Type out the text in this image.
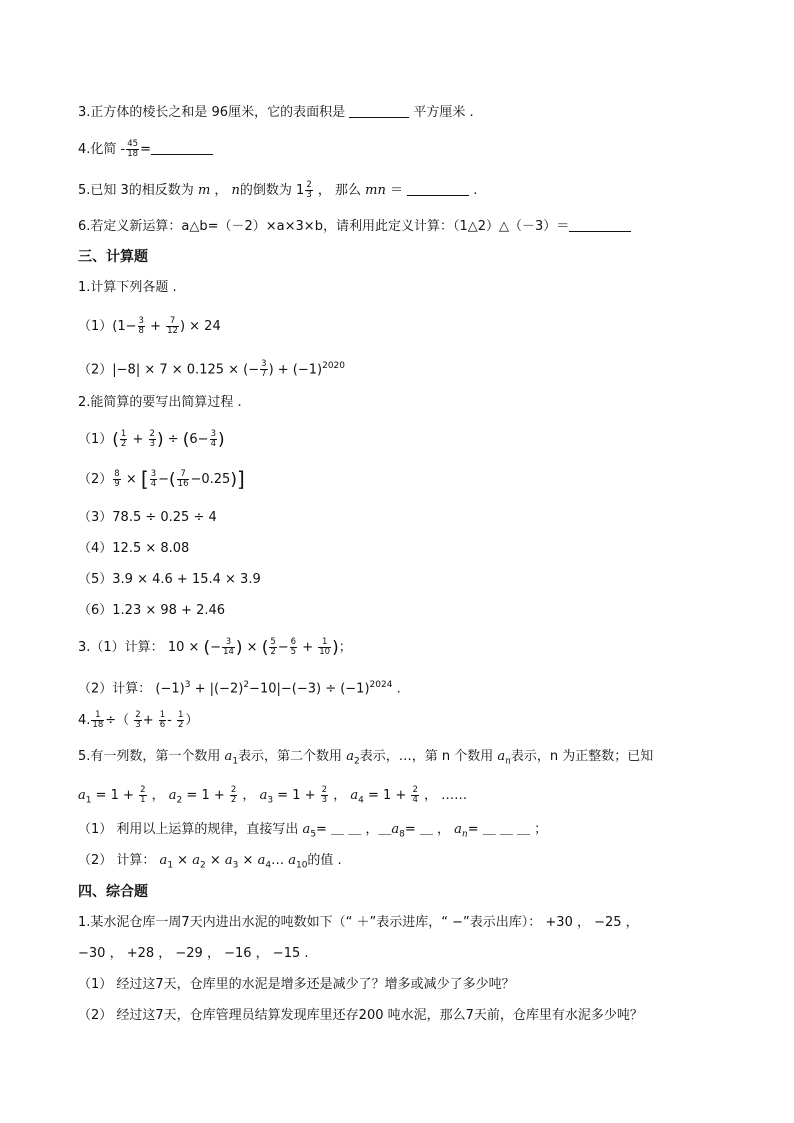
3.正方体的棱长之和是 96厘米，它的表面积是	平方厘米 .
4.化简 - $\frac{45}{18}$ =
5.已知 3的相反数为 m ， n的倒数为 $1 \frac{2}{3}$ ， 那么 mn ＝	.
6.若定义新运算：a△b=（－2）×a×3×b，请利用此定义计算：（1△2）△（－3）＝
三、计算题
1.计算下列各题 .
$(1)(1- \frac{3}{8} + \frac{7}{12}$ ) × 24
（2）|−8| × 7 × 0.125 × (− $\frac{3}{7}$ ) + $(-1)^{2020}$
2.能简算的要写出简算过程 .
$(1)( \frac{1}{2} + \frac{2}{3}$ ) ÷ ($6- \frac{3}{4}$ )
$(2) \frac{8}{9}$ × [ $\frac{3}{4}$ −( $\frac{7}{16} -0.25$)]
（3）78.5 ÷ 0.25 ÷ 4
（4）12.5 × 8.08
（5）3.9 × 4.6 + 15.4 × 3.9
（6）1.23 × 98 + 2.46
3.（1）计算： 10 × (− $\frac{3}{14}$ ) × ( $\frac{5}{2} - \frac{6}{5} + \frac{1}{10}$ )；
（2）计算： $(-1)^3 + |(-2)^2-10|-(-3) \div (-1)^{2024}$ .
4. $\frac{1}{18}$ ÷（ $\frac{2}{3} + \frac{1}{6} - \frac{1}{2}$ ）
5.有一列数，第一个数用 $a_1$表示，第二个数用 $a_2$表示，…，第 n 个数用 $a_n$表示，n 为正整数；已知
$a_1 = 1 + \frac{2}{1}$ ， $a_2 = 1 + \frac{2}{2}$ ， $a_3 = 1 + \frac{2}{3}$ ， $a_4 = 1 + \frac{2}{4}$ ， ……
（1） 利用以上运算的规律，直接写出 $a_5=$ ＿ ＿ ，$\_a_8=$ ＿ ， $a_n=$ ＿ ＿ ＿ ；
（2） 计算： $a_1 \times a_2 \times a_3$ × $a_4\dots$ $a_{10}$的值 .
四、综合题
1.某水泥仓库一周7天内进出水泥的吨数如下（“ ＋”表示进库，“ −”表示出库）： +30 ， −25 ，
−30 ， +28 ， −29 ， −16 ， −15 .
（1） 经过这7天，仓库里的水泥是增多还是减少了？增多或减少了多少吨？
（2） 经过这7天，仓库管理员结算发现库里还存200 吨水泥，那么7天前，仓库里有水泥多少吨？
